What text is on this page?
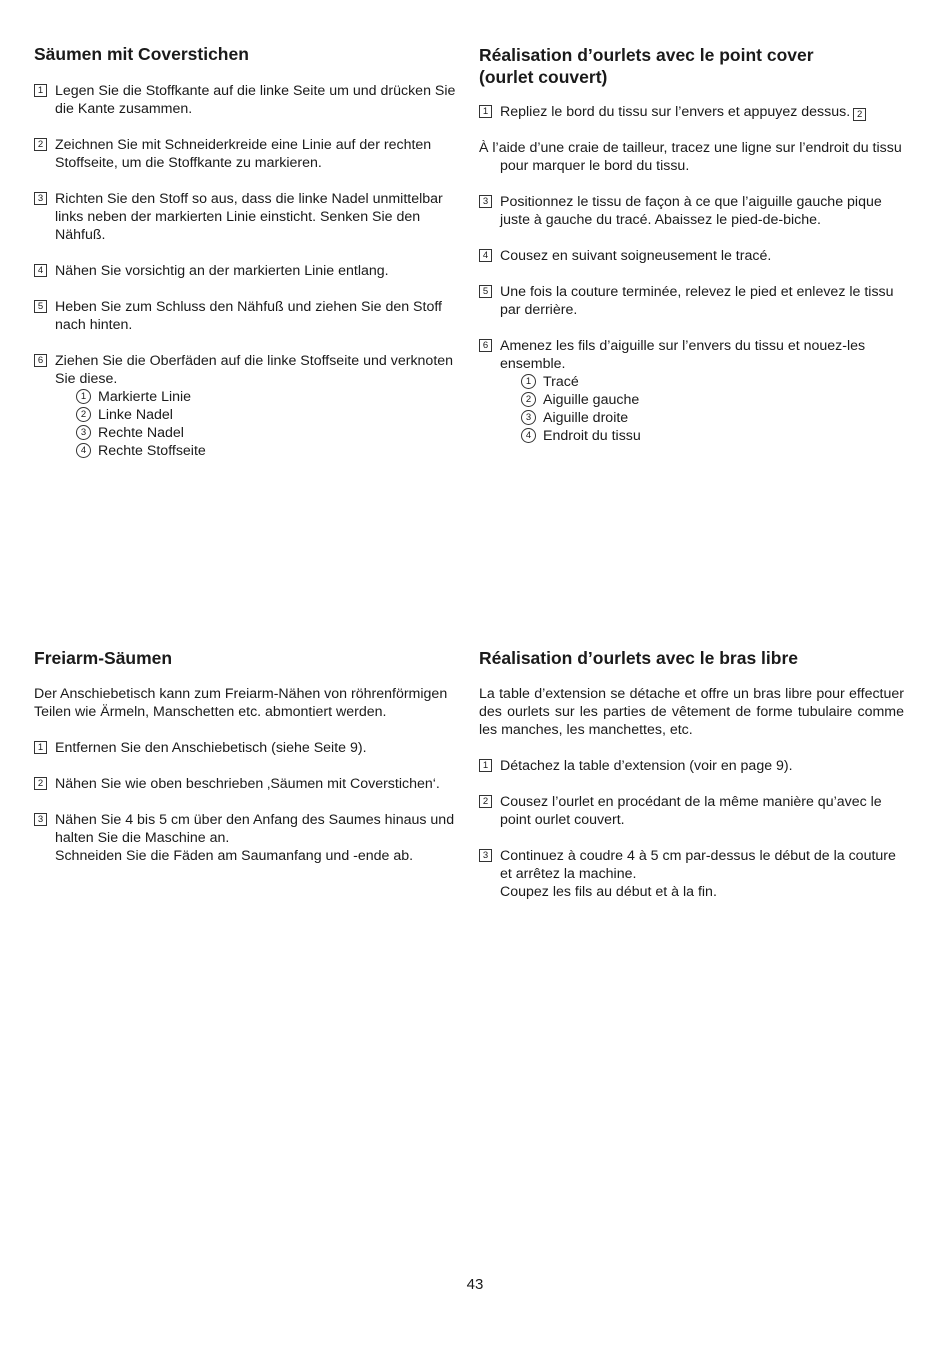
Säumen mit Coverstichen
1 Legen Sie die Stoffkante auf die linke Seite um und drücken Sie die Kante zusammen.
2 Zeichnen Sie mit Schneiderkreide eine Linie auf der rechten Stoffseite, um die Stoffkante zu markieren.
3 Richten Sie den Stoff so aus, dass die linke Nadel unmittelbar links neben der markierten Linie einsticht. Senken Sie den Nähfuß.
4 Nähen Sie vorsichtig an der markierten Linie entlang.
5 Heben Sie zum Schluss den Nähfuß und ziehen Sie den Stoff nach hinten.
6 Ziehen Sie die Oberfäden auf die linke Stoffseite und verknoten Sie diese.
1 Markierte Linie
2 Linke Nadel
3 Rechte Nadel
4 Rechte Stoffseite
Réalisation d’ourlets avec le point cover
(ourlet couvert)
1 Repliez le bord du tissu sur l’envers et appuyez dessus. 2

À l’aide d’une craie de tailleur, tracez une ligne sur l’endroit du tissu pour marquer le bord du tissu.

3 Positionnez le tissu de façon à ce que l’aiguille gauche pique juste à gauche du tracé. Abaissez le pied-de-biche.
4 Cousez en suivant soigneusement le tracé.
5 Une fois la couture terminée, relevez le pied et enlevez le tissu par derrière.
6 Amenez les fils d’aiguille sur l’envers du tissu et nouez-les ensemble.
1 Tracé
2 Aiguille gauche
3 Aiguille droite
4 Endroit du tissu
Freiarm-Säumen

Der Anschiebetisch kann zum Freiarm-Nähen von röhrenförmigen Teilen wie Ärmeln, Manschetten etc. abmontiert werden.

1 Entfernen Sie den Anschiebetisch (siehe Seite 9).
2 Nähen Sie wie oben beschrieben ‚Säumen mit Coverstichen‘.
3 Nähen Sie 4 bis 5 cm über den Anfang des Saumes hinaus und halten Sie die Maschine an.
Schneiden Sie die Fäden am Saumanfang und -ende ab.
Réalisation d’ourlets avec le bras libre

La table d’extension se détache et offre un bras libre pour effectuer des ourlets sur les parties de vêtement de forme tubulaire comme les manches, les manchettes, etc.

1 Détachez la table d’extension (voir en page 9).
2 Cousez l’ourlet en procédant de la même manière qu’avec le point ourlet couvert.
3 Continuez à coudre 4 à 5 cm par-dessus le début de la couture et arrêtez la machine.
Coupez les fils au début et à la fin.
43
